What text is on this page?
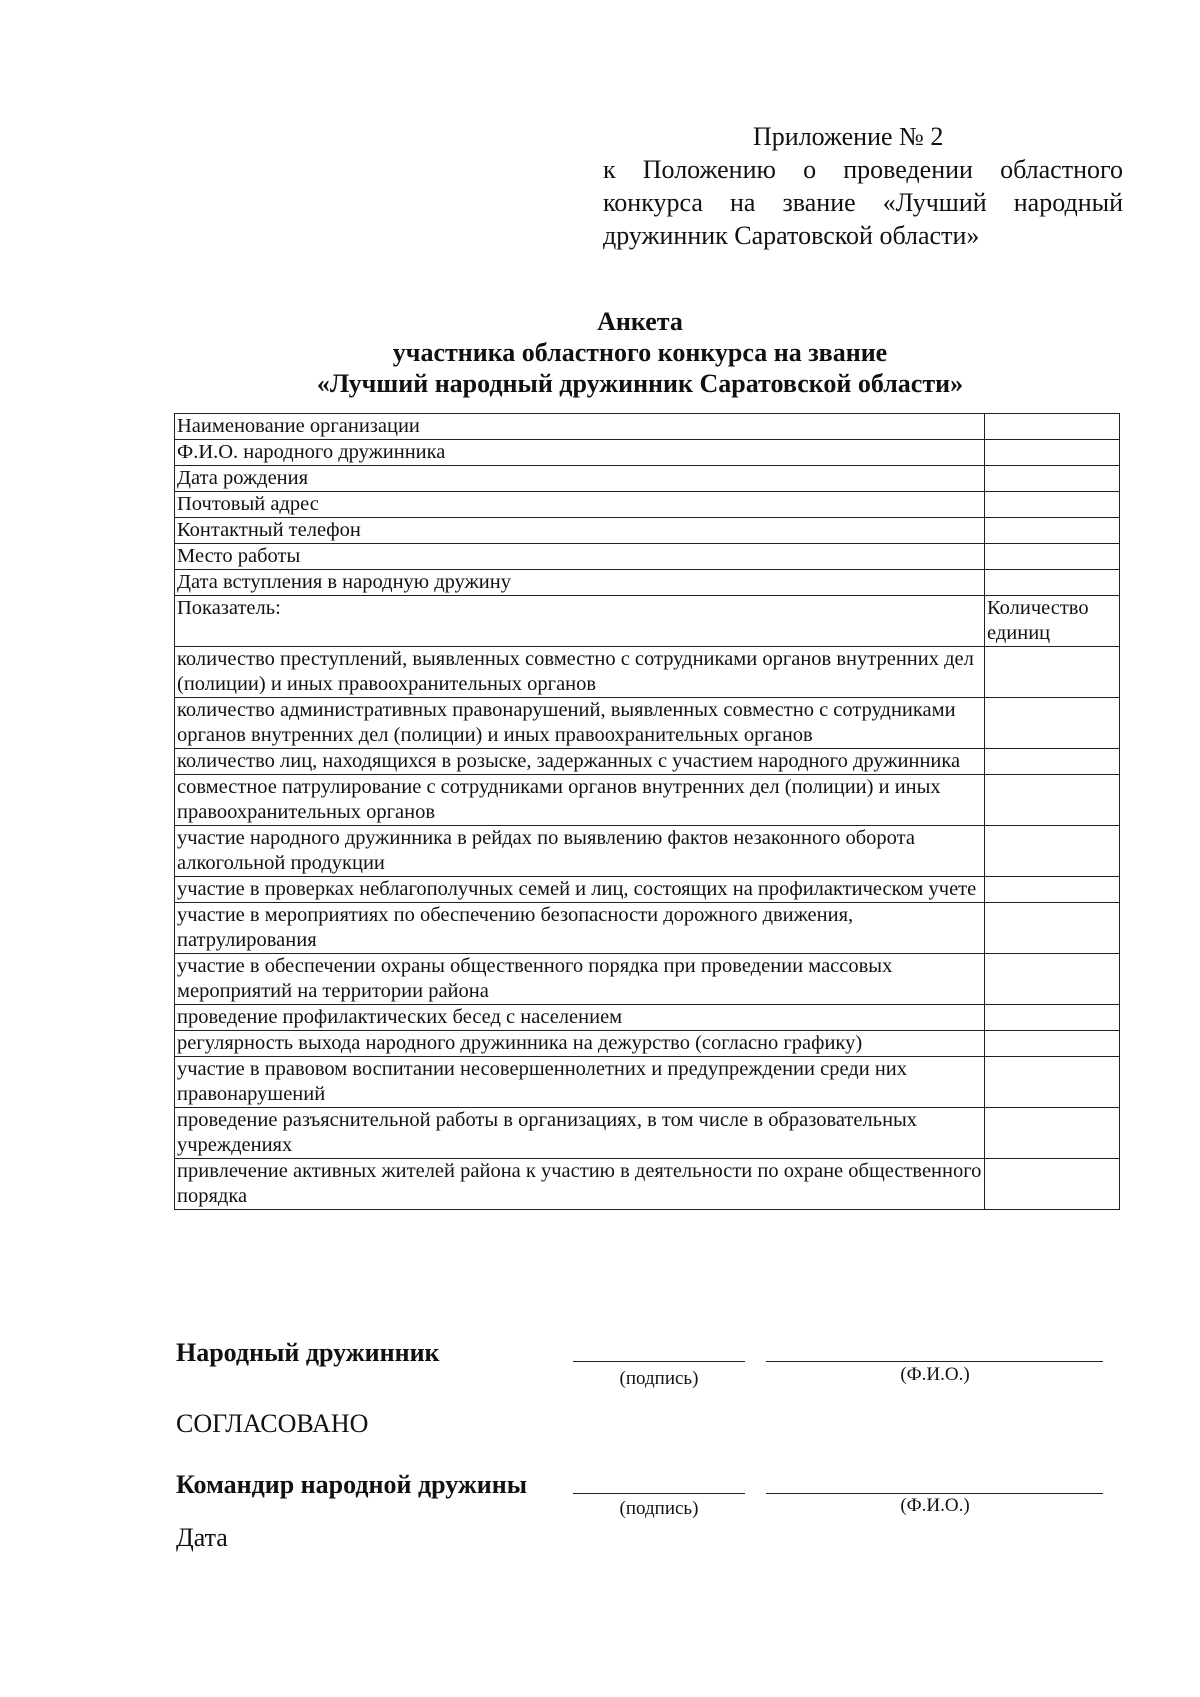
Приложение № 2
к Положению о проведении областного
конкурса на звание «Лучший народный
дружинник Саратовской области»
Анкета
участника областного конкурса на звание
«Лучший народный дружинник Саратовской области»
Наименование организации	
Ф.И.О. народного дружинника	
Дата рождения	
Почтовый адрес	
Контактный телефон	
Место работы	
Дата вступления в народную дружину	
Показатель:	Количество единиц
количество преступлений, выявленных совместно с сотрудниками органов внутренних дел (полиции) и иных правоохранительных органов	
количество административных правонарушений, выявленных совместно с сотрудниками органов внутренних дел (полиции) и иных правоохранительных органов	
количество лиц, находящихся в розыске, задержанных с участием народного дружинника	
совместное патрулирование с сотрудниками органов внутренних дел (полиции) и иных правоохранительных органов	
участие народного дружинника в рейдах по выявлению фактов незаконного оборота алкогольной продукции	
участие в проверках неблагополучных семей и лиц, состоящих на профилактическом учете	
участие в мероприятиях по обеспечению безопасности дорожного движения, патрулирования	
участие в обеспечении охраны общественного порядка при проведении массовых мероприятий на территории района	
проведение профилактических бесед с населением	
регулярность выхода народного дружинника на дежурство (согласно графику)	
участие в правовом воспитании несовершеннолетних и предупреждении среди них правонарушений	
проведение разъяснительной работы в организациях, в том числе в образовательных учреждениях	
привлечение активных жителей района к участию в деятельности по охране общественного порядка	
Народный дружинник
(подпись)	(Ф.И.О.)
СОГЛАСОВАНО
Командир народной дружины
(подпись)	(Ф.И.О.)
Дата
